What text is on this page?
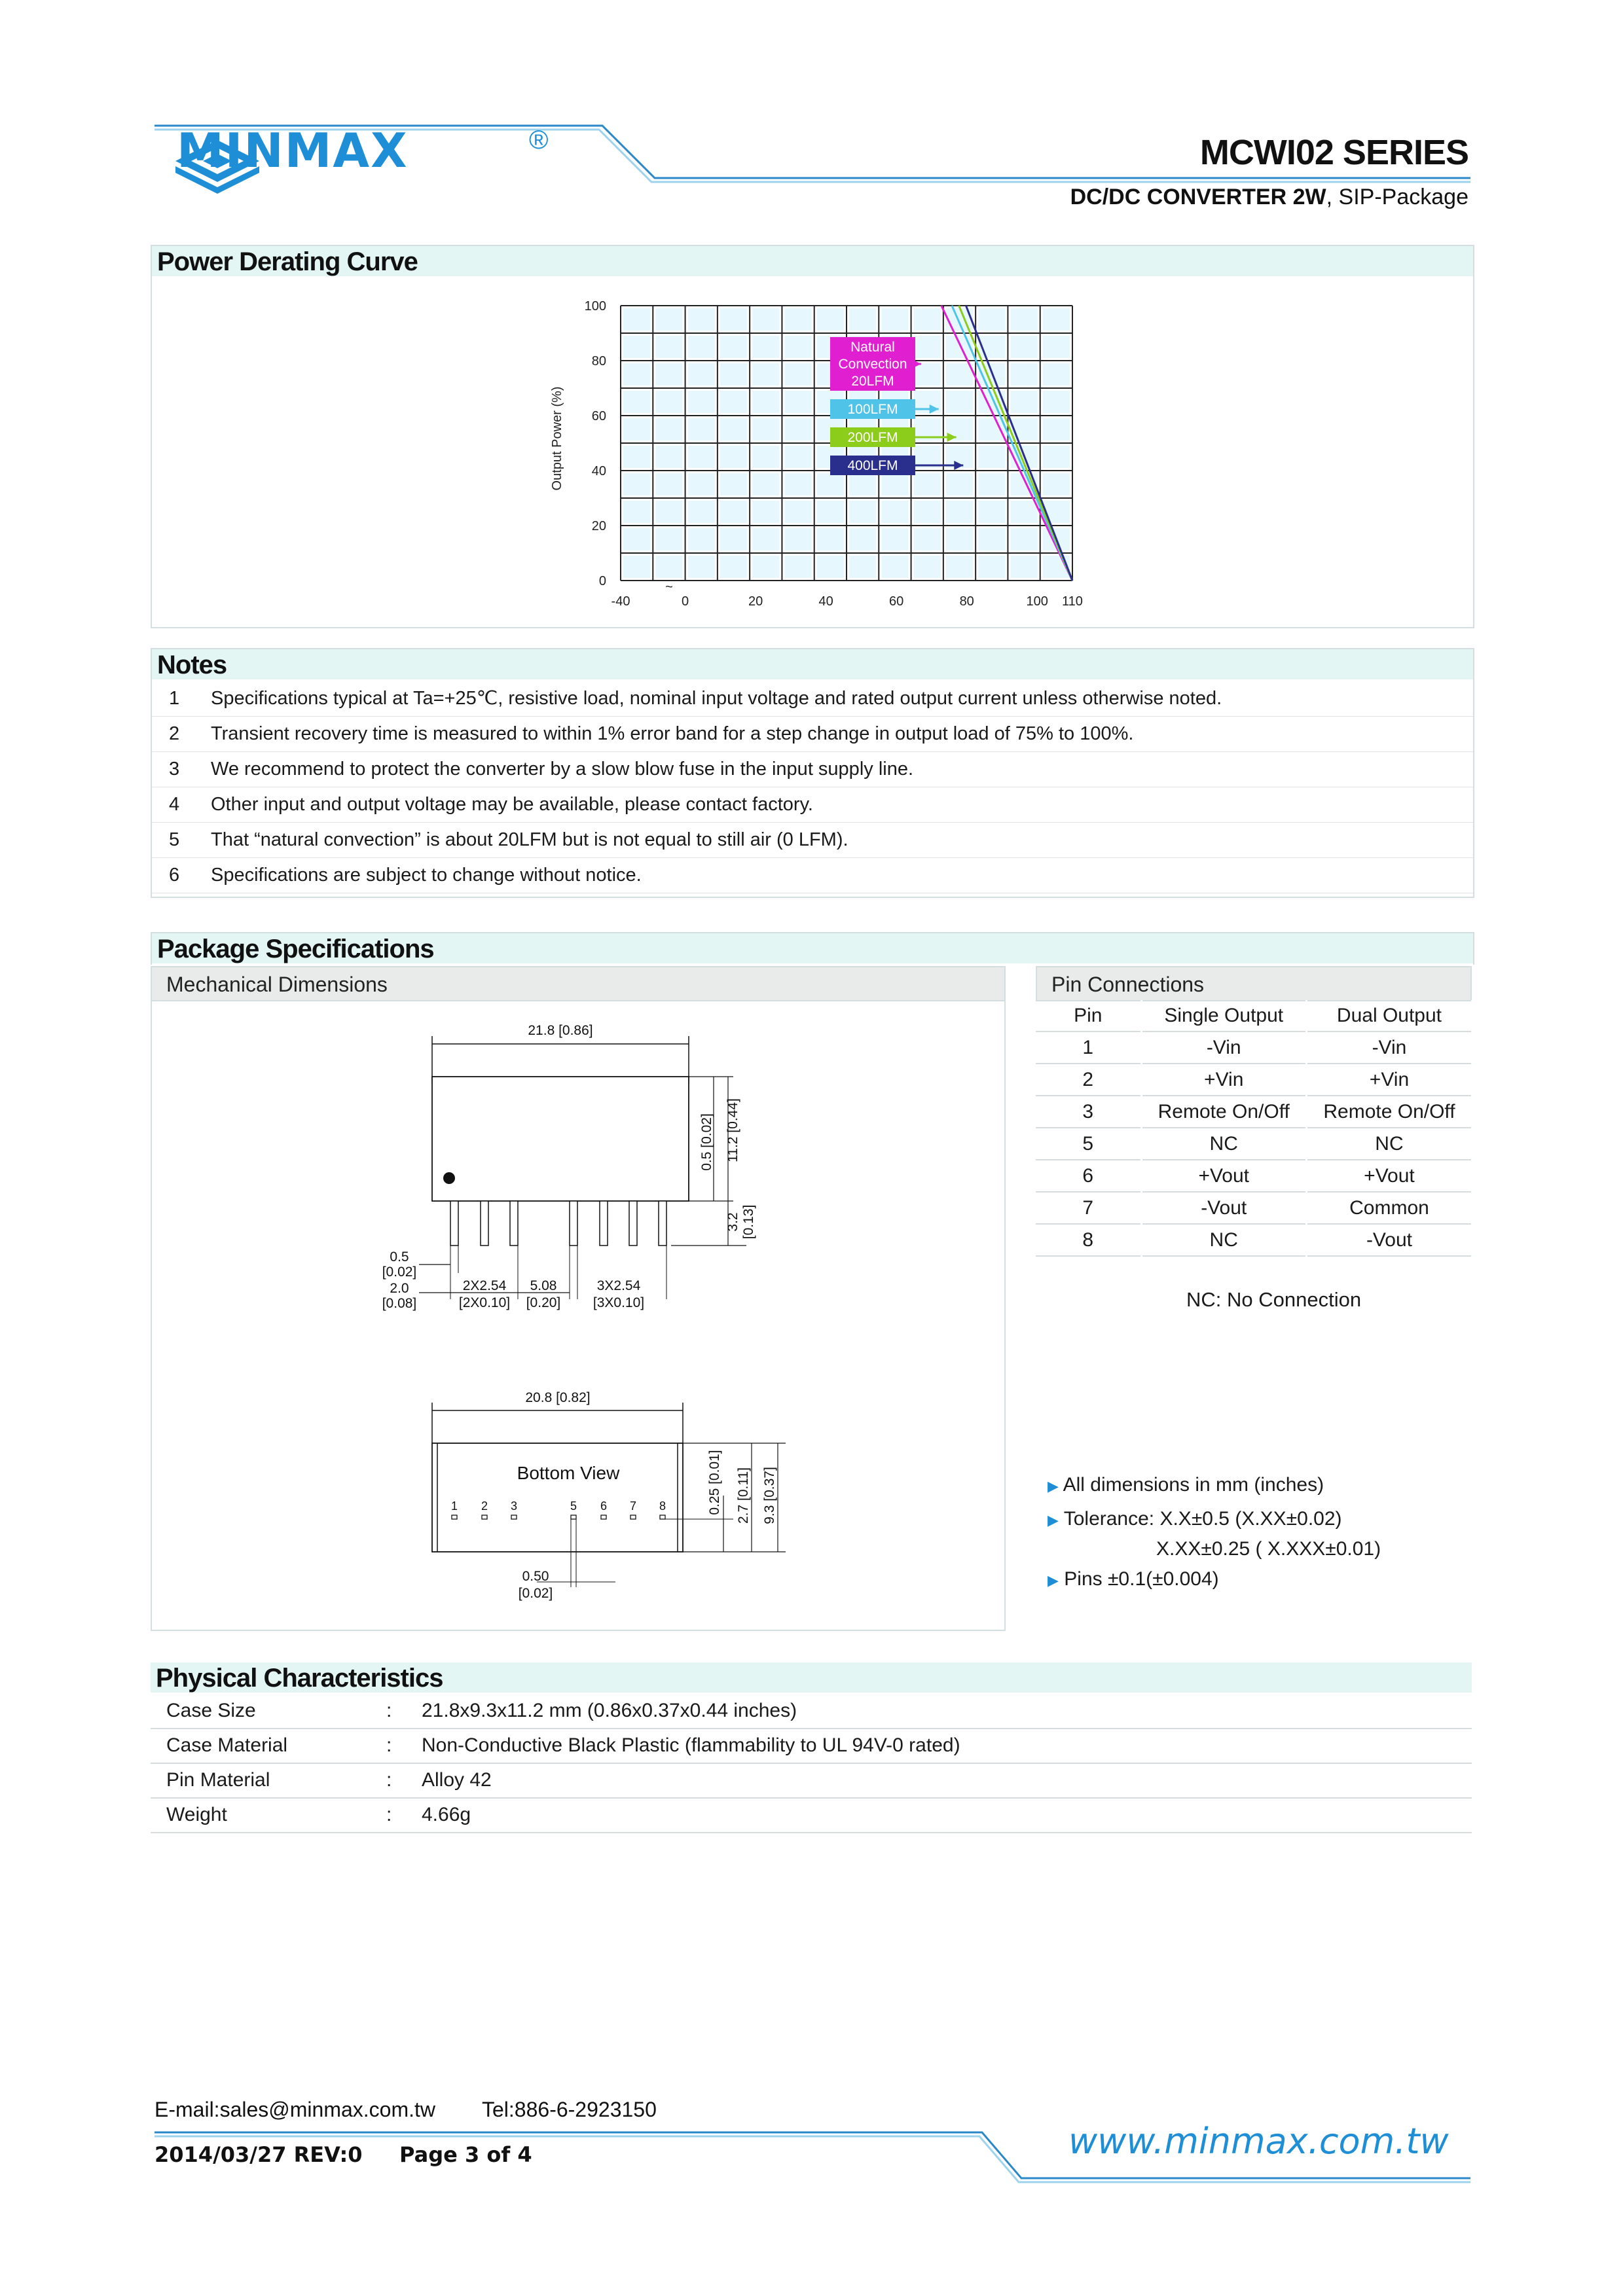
MINMAX	®	MCWI02 SERIES
DC/DC CONVERTER 2W, SIP-Package
Power Derating Curve
Output Power (%)
0
20
40
60
80
100
-40	0	20	40	60	80	100 110
~
Natural
Convection
20LFM
100LFM
200LFM
400LFM
Notes
1	Specifications typical at Ta=+25℃, resistive load, nominal input voltage and rated output current unless otherwise noted.
2	Transient recovery time is measured to within 1% error band for a step change in output load of 75% to 100%.
3	We recommend to protect the converter by a slow blow fuse in the input supply line.
4	Other input and output voltage may be available, please contact factory.
5	That “natural convection” is about 20LFM but is not equal to still air (0 LFM).
6	Specifications are subject to change without notice.
Package Specifications
Mechanical Dimensions
21.8 [0.86]
0.5 [0.02] 11.2 [0.44]
3.2 [0.13]
0.5
[0.02]
2.0
[0.08]
2X2.54
[2X0.10]
5.08
[0.20]
3X2.54
[3X0.10]
20.8 [0.82]
Bottom View
1 2 3	5 6 7 8	0.25 [0.01] 2.7 [0.11] 9.3 [0.37]
0.50
[0.02]
Pin Connections
Pin	Single Output	Dual Output
1	-Vin	-Vin
2	+Vin	+Vin
3	Remote On/Off	Remote On/Off
5	NC	NC
6	+Vout	+Vout
7	-Vout	Common
8	NC	-Vout
NC: No Connection
▶ All dimensions in mm (inches)
▶ Tolerance: X.X±0.5 (X.XX±0.02)
X.XX±0.25 ( X.XXX±0.01)
▶ Pins ±0.1(±0.004)
Physical Characteristics
Case Size	: 21.8x9.3x11.2 mm (0.86x0.37x0.44 inches)
Case Material	: Non-Conductive Black Plastic (flammability to UL 94V-0 rated)
Pin Material	: Alloy 42
Weight	: 4.66g
E-mail:sales@minmax.com.tw Tel:886-6-2923150
2014/03/27 REV:0 Page 3 of 4	www.minmax.com.tw
